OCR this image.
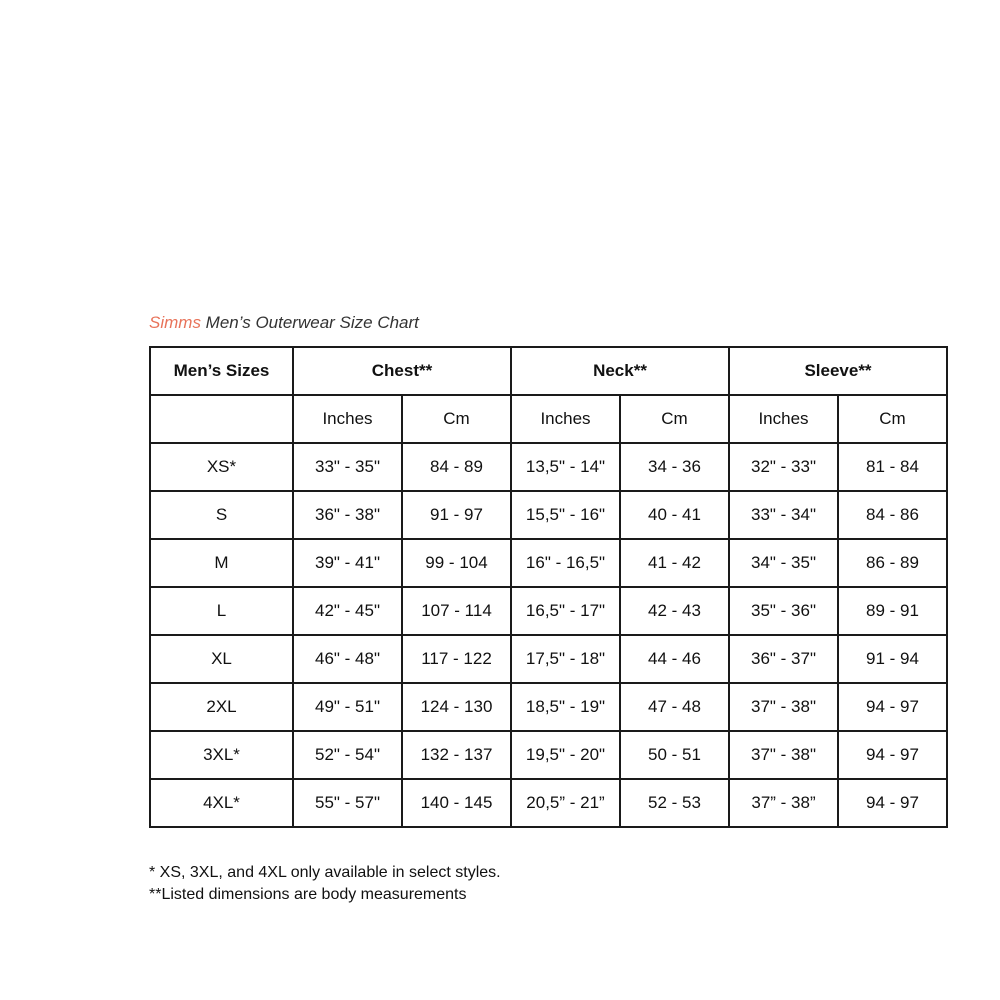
Simms Men’s Outerwear Size Chart
Men’s Sizes	Chest**		Neck**		Sleeve**	
	Inches	Cm	Inches	Cm	Inches	Cm
XS*	33" - 35"	84 - 89	13,5" - 14"	34 - 36	32" - 33"	81 - 84
S	36" - 38"	91 - 97	15,5" - 16"	40 - 41	33" - 34"	84 - 86
M	39" - 41"	99 - 104	16" - 16,5"	41 - 42	34" - 35"	86 - 89
L	42" - 45"	107 - 114	16,5" - 17"	42 - 43	35" - 36"	89 - 91
XL	46" - 48"	117 - 122	17,5" - 18"	44 - 46	36" - 37"	91 - 94
2XL	49" - 51"	124 - 130	18,5" - 19"	47 - 48	37" - 38"	94 - 97
3XL*	52" - 54"	132 - 137	19,5" - 20"	50 - 51	37" - 38"	94 - 97
4XL*	55" - 57"	140 - 145	20,5” - 21”	52 - 53	37” - 38”	94 - 97
* XS, 3XL, and 4XL only available in select styles.
**Listed dimensions are body measurements
